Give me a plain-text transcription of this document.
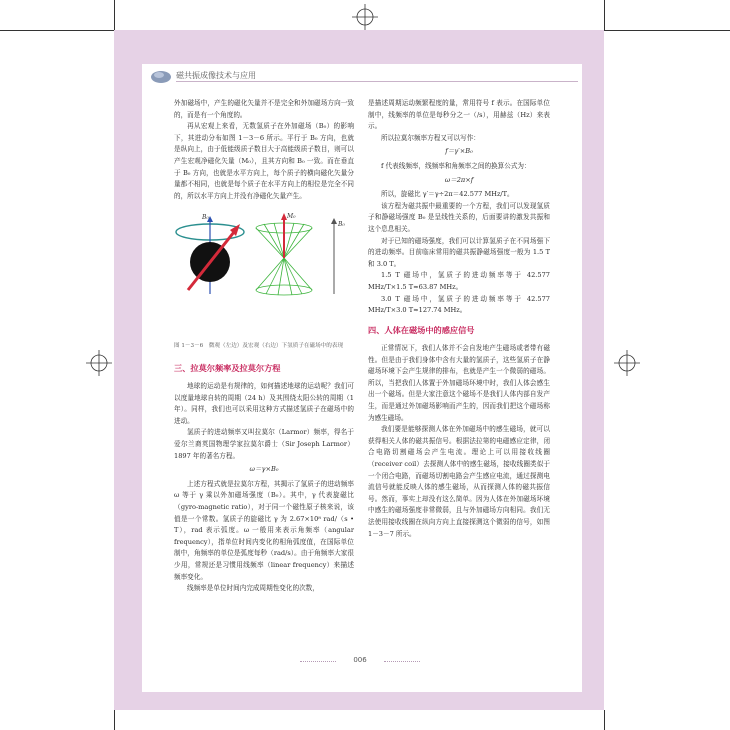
磁共振成像技术与应用

外加磁场中，产生的磁化矢量并不是完全和外加磁场方向一致的，而是有一个角度的。

再从宏观上来看，无数氢质子在外加磁场（B₀）的影响下，其进动分布如图 1－3－6 所示。平行于 B₀ 方向，也就是纵向上，由于低能级质子数目大于高能级质子数目，则可以产生宏观净磁化矢量（M₀），且其方向和 B₀ 一致。而在垂直于 B₀ 方向，也就是水平方向上，每个质子的横向磁化矢量分量都不相同，也就是每个质子在水平方向上的相位是完全不同的，所以水平方向上并没有净磁化矢量产生。

B₀	M₀
B₀
图 1－3－6　微观（左边）及宏观（右边）下氢质子在磁场中的表现
三、拉莫尔频率及拉莫尔方程

地球的运动是有规律的，如何描述地球的运动呢？我们可以度量地球自转的周期（24 h）及其围绕太阳公转的周期（1 年）。同样，我们也可以采用这种方式描述氢质子在磁场中的进动。

氢质子的进动频率又叫拉莫尔（Larmor）频率，得名于爱尔兰裔英国物理学家拉莫尔爵士（Sir Joseph Larmor）1897 年的著名方程。

ω＝γ×B₀

上述方程式就是拉莫尔方程，其揭示了氢质子的进动频率 ω 等于 γ 乘以外加磁场强度（B₀）。其中，γ 代表旋磁比（gyro-magnetic ratio），对于同一个磁性原子核来说，该值是一个常数。氢质子的旋磁比 γ 为 2.67×10⁸ rad/（s • T），rad 表示弧度。ω 一般用来表示角频率（angular frequency），指单位时间内变化的相角弧度值，在国际单位制中，角频率的单位是弧度每秒（rad/s）。由于角频率大家很少用，常规还是习惯用线频率（linear frequency）来描述频率变化。

线频率是单位时间内完成周期性变化的次数，

是描述周期运动频繁程度的量，常用符号 f 表示。在国际单位制中，线频率的单位是每秒分之一（/s），用赫兹（Hz）来表示。

所以拉莫尔频率方程又可以写作：

f＝γ′×B₀

f 代表线频率，线频率和角频率之间的换算公式为：

ω＝2π×f

所以，旋磁比 γ′＝γ÷2π＝42.577 MHz/T。

该方程为磁共振中最重要的一个方程，我们可以发现氢质子和静磁场强度 B₀ 是呈线性关系的，后面要讲的激发共振和这个息息相关。

对于已知的磁场强度，我们可以计算氢质子在不同场强下的进动频率。目前临床常用的磁共振静磁场强度一般为 1.5 T 和 3.0 T。

1.5 T 磁场中，氢质子的进动频率等于 42.577 MHz/T×1.5 T≈63.87 MHz。

3.0 T 磁场中，氢质子的进动频率等于 42.577 MHz/T×3.0 T≈127.74 MHz。

四、人体在磁场中的感应信号

正常情况下，我们人体并不会自发地产生磁场或者带有磁性。但是由于我们身体中含有大量的氢质子，这些氢质子在静磁场环境下会产生规律的排布，也就是产生一个微弱的磁场。所以，当把我们人体置于外加磁场环境中时，我们人体会感生出一个磁场。但是大家注意这个磁场不是我们人体内部自发产生，而是通过外加磁场影响而产生的，因而我们把这个磁场称为感生磁场。

我们要是能够探测人体在外加磁场中的感生磁场，就可以获得相关人体的磁共振信号。根据法拉第的电磁感应定律，闭合电路切割磁场会产生电流。理论上可以用接收线圈（receiver coil）去探测人体中的感生磁场，接收线圈类似于一个闭合电路，而磁场切割电路会产生感应电流，通过探测电流信号就能反映人体的感生磁场，从而探测人体的磁共振信号。然而，事实上却没有这么简单。因为人体在外加磁场环境中感生的磁场强度非常微弱，且与外加磁场方向相同。我们无法使用接收线圈在纵向方向上直接探测这个微弱的信号，如图 1－3－7 所示。

006
